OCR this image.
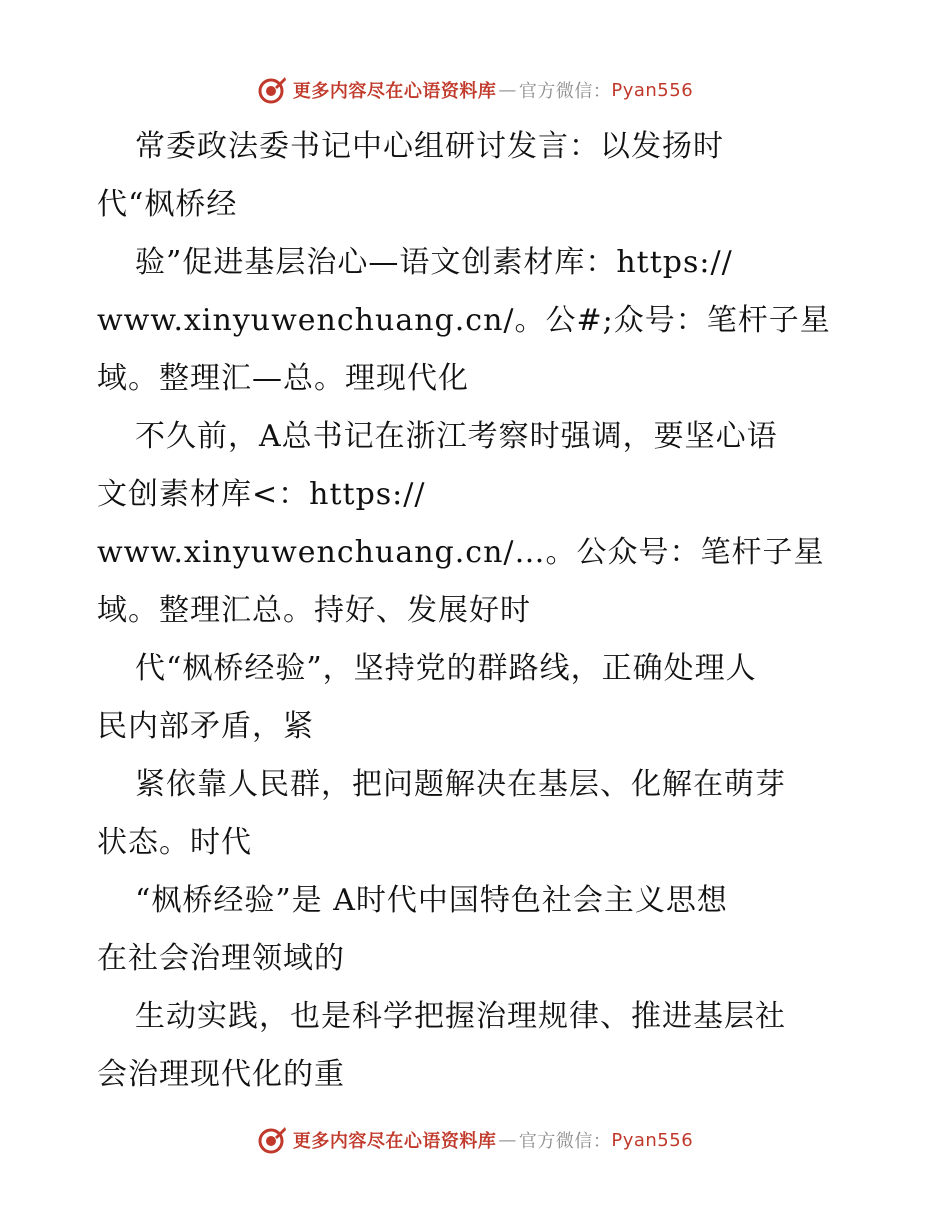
更多内容尽在心语资料库 — 官方微信： Pyan556
常委政法委书记中心组研讨发言：以发扬时
代“枫桥经
验”促进基层治心—语文创素材库：https://
www.xinyuwenchuang.cn/。公#;众号：笔杆子星
域。整理汇—总。理现代化
不久前，A总书记在浙江考察时强调，要坚心语
文创素材库<：https://
www.xinyuwenchuang.cn/…。公众号：笔杆子星
域。整理汇总。持好、发展好时
代“枫桥经验”，坚持党的群路线，正确处理人
民内部矛盾，紧
紧依靠人民群，把问题解决在基层、化解在萌芽
状态。时代
“枫桥经验”是 A时代中国特色社会主义思想
在社会治理领域的
生动实践，也是科学把握治理规律、推进基层社
会治理现代化的重
更多内容尽在心语资料库 — 官方微信： Pyan556
